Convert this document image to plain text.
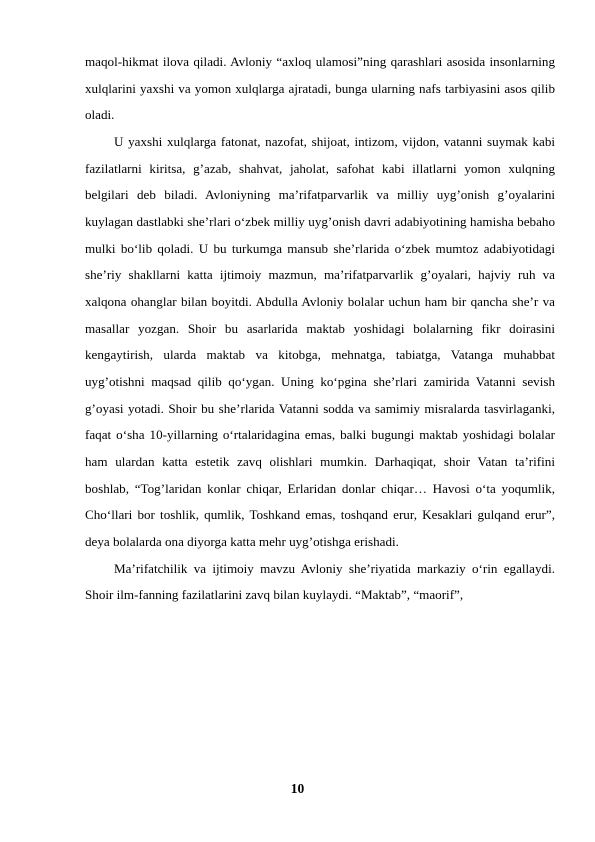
maqol-hikmat ilova qiladi. Avloniy “axloq ulamosi”ning qarashlari asosida insonlarning xulqlarini yaxshi va yomon xulqlarga ajratadi, bunga ularning nafs tarbiyasini asos qilib oladi.

U yaxshi xulqlarga fatonat, nazofat, shijoat, intizom, vijdon, vatanni suymak kabi fazilatlarni kiritsa, g’azab, shahvat, jaholat, safohat kabi illatlarni yomon xulqning belgilari deb biladi. Avloniyning ma’rifatparvarlik va milliy uyg’onish g’oyalarini kuylagan dastlabki she’rlari o‘zbek milliy uyg’onish davri adabiyotining hamisha bebaho mulki bo‘lib qoladi. U bu turkumga mansub she’rlarida o‘zbek mumtoz adabiyotidagi she’riy shakllarni katta ijtimoiy mazmun, ma’rifatparvarlik g’oyalari, hajviy ruh va xalqona ohanglar bilan boyitdi. Abdulla Avloniy bolalar uchun ham bir qancha she’r va masallar yozgan. Shoir bu asarlarida maktab yoshidagi bolalarning fikr doirasini kengaytirish, ularda maktab va kitobga, mehnatga, tabiatga, Vatanga muhabbat uyg’otishni maqsad qilib qo‘ygan. Uning ko‘pgina she’rlari zamirida Vatanni sevish g’oyasi yotadi. Shoir bu she’rlarida Vatanni sodda va samimiy misralarda tasvirlaganki, faqat o‘sha 10-yillarning o‘rtalaridagina emas, balki bugungi maktab yoshidagi bolalar ham ulardan katta estetik zavq olishlari mumkin. Darhaqiqat, shoir Vatan ta’rifini boshlab, “Tog’laridan konlar chiqar, Erlaridan donlar chiqar… Havosi o‘ta yoqumlik, Cho‘llari bor toshlik, qumlik, Toshkand emas, toshqand erur, Kesaklari gulqand erur”, deya bolalarda ona diyorga katta mehr uyg’otishga erishadi.

Ma’rifatchilik va ijtimoiy mavzu Avloniy she’riyatida markaziy o‘rin egallaydi. Shoir ilm-fanning fazilatlarini zavq bilan kuylaydi. “Maktab”, “maorif”,

10
